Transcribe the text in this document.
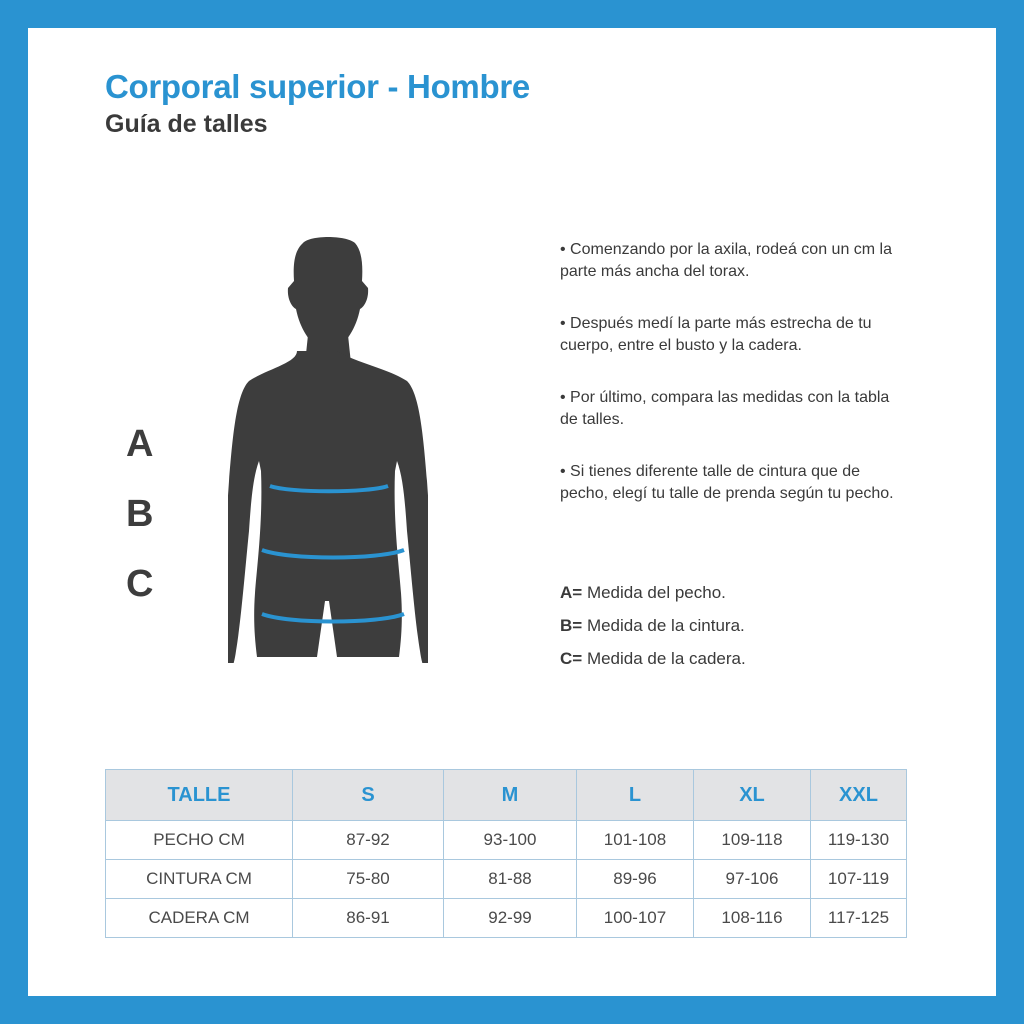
Corporal superior - Hombre
Guía de talles
A
B
C

• Comenzando por la axila, rodeá con un cm la parte más ancha del torax.

• Después medí la parte más estrecha de tu cuerpo, entre el busto y la cadera.

• Por último, compara las medidas con la tabla de talles.

• Si tienes diferente talle de cintura que de pecho, elegí tu talle de prenda según tu pecho.

A= Medida del pecho.
B= Medida de la cintura.
C= Medida de la cadera.
TALLE	S	M	L	XL	XXL
PECHO CM	87-92	93-100	101-108	109-118	119-130
CINTURA CM	75-80	81-88	89-96	97-106	107-119
CADERA CM	86-91	92-99	100-107	108-116	117-125
